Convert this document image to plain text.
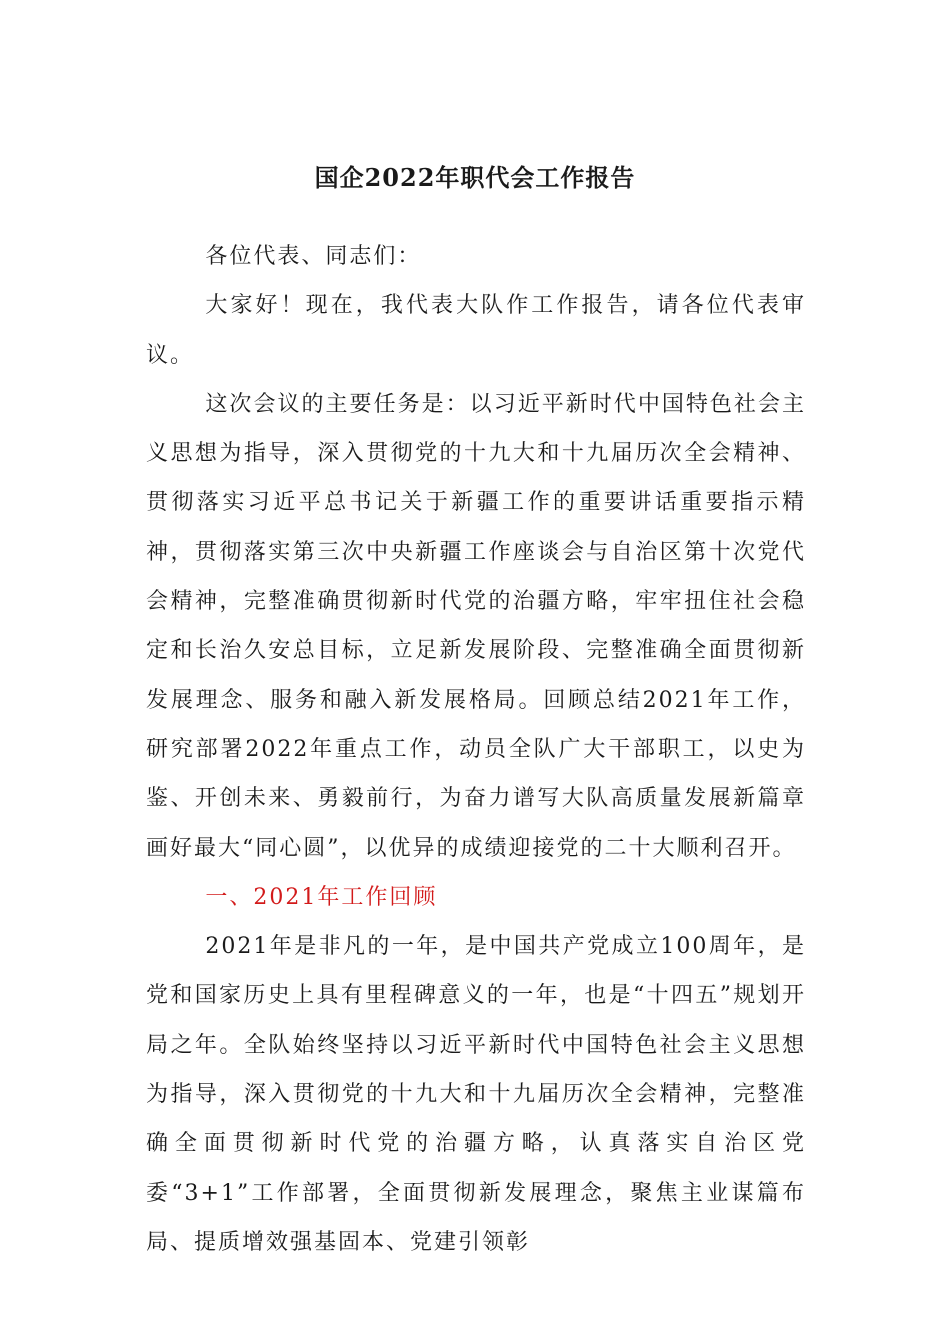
国企2022年职代会工作报告

各位代表、同志们：

大家好！现在，我代表大队作工作报告，请各位代表审议。

这次会议的主要任务是：以习近平新时代中国特色社会主义思想为指导，深入贯彻党的十九大和十九届历次全会精神、贯彻落实习近平总书记关于新疆工作的重要讲话重要指示精神，贯彻落实第三次中央新疆工作座谈会与自治区第十次党代会精神，完整准确贯彻新时代党的治疆方略，牢牢扭住社会稳定和长治久安总目标，立足新发展阶段、完整准确全面贯彻新发展理念、服务和融入新发展格局。回顾总结2021年工作，研究部署2022年重点工作，动员全队广大干部职工，以史为鉴、开创未来、勇毅前行，为奋力谱写大队高质量发展新篇章画好最大“同心圆”，以优异的成绩迎接党的二十大顺利召开。

一、2021年工作回顾

2021年是非凡的一年，是中国共产党成立100周年，是党和国家历史上具有里程碑意义的一年，也是“十四五”规划开局之年。全队始终坚持以习近平新时代中国特色社会主义思想为指导，深入贯彻党的十九大和十九届历次全会精神，完整准确全面贯彻新时代党的治疆方略，认真落实自治区党委“3+1”工作部署，全面贯彻新发展理念，聚焦主业谋篇布局、提质增效强基固本、党建引领彰
